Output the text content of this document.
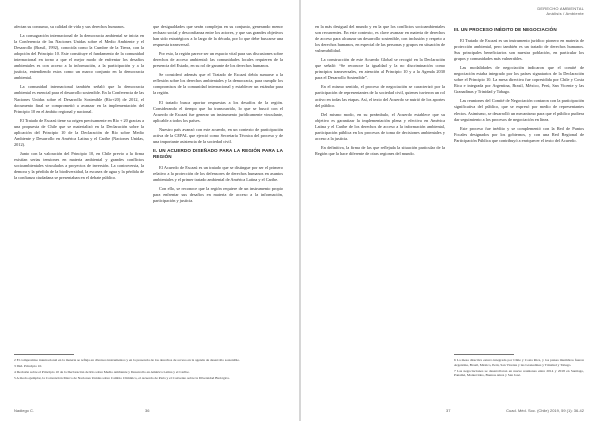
afectan su consumo, su calidad de vida y sus derechos humanos.

La consagración internacional de la democracia ambiental se inicia en la Conferencia de las Naciones Unidas sobre el Medio Ambiente y el Desarrollo (Brasil, 1992), conocida como la Cumbre de la Tierra, con la adopción del Principio 10. Este constituye el fundamento de la comunidad internacional en torno a que el mejor modo de enfrentar los desafíos ambientales es con acceso a la información, a la participación y a la justicia, entendiendo estos como un marco conjunto en la democracia ambiental.

La comunidad internacional también señaló que la democracia ambiental es esencial para el desarrollo sostenible. En la Conferencia de las Naciones Unidas sobre el Desarrollo Sostenible (Río+20) de 2012, el documento final se comprometió a avanzar en la implementación del Principio 10 en el ámbito regional y nacional.

El Tratado de Escazú tiene su origen precisamente en Río + 20 gracias a una propuesta de Chile que se materializó en la Declaración sobre la aplicación del Principio 10 de la Declaración de Río sobre Medio Ambiente y Desarrollo en América Latina y el Caribe (Naciones Unidas, 2012).

Junto con la valoración del Principio 10, en Chile previo a la firma existían serias tensiones en materia ambiental y grandes conflictos socioambientales vinculados a proyectos de inversión. La controversia, la demora y la pérdida de la biodiversidad, la escasez de agua y la pérdida de la confianza ciudadana se presentaban en el debate público.

que desigualdades que serán complejas en su conjunto, generando menor rechazo social y desconfianza entre los actores, y que sus grandes objetivos han sido estratégicos a lo largo de la década, por lo que debe buscarse una respuesta transversal.

Por esto, la región parece ser un espacio vital para sus discusiones sobre derechos de acceso ambiental: las comunidades locales requieren de la presencia del Estado, en su rol de garante de los derechos humanos.

Se consideró además que el Tratado de Escazú debía sumarse a la reflexión sobre los derechos ambientales y la democracia, para cumplir los compromisos de la comunidad internacional y establecer un estándar para la región.

El tratado busca aportar respuestas a los desafíos de la región. Considerando el tiempo que ha transcurrido, lo que se buscó con el Acuerdo de Escazú fue generar un instrumento jurídicamente vinculante, aplicable a todos los países.

Nuestro país avanzó con este acuerdo, en un contexto de participación activa de la CEPAL que ejerció como Secretaría Técnica del proceso y de una importante asistencia de la sociedad civil.

II. UN ACUERDO DISEÑADO PARA LA REGIÓN PARA LA REGIÓN

El Acuerdo de Escazú es un tratado que se distingue por ser el primero relativo a la protección de los defensores de derechos humanos en asuntos ambientales y el primer tratado ambiental de América Latina y el Caribe.

Con ello, se reconoce que la región requiere de un instrumento propio para enfrentar sus desafíos en materia de acceso a la información, participación y justicia.

2 El compromiso internacional en la materia se refleja en diversos instrumentos y en la presencia de los derechos de acceso en la agenda de desarrollo sostenible.

3 Ibid. Principio 10.

4 Decisión sobre el Principio 10 de la Declaración de Río sobre Medio Ambiente y Desarrollo en América Latina y el Caribe.

5 A modo ejemplar, la Convención Marco de Naciones Unidas sobre Cambio Climático, el Acuerdo de París y el Convenio sobre la Diversidad Biológica.

Nadiego C.	36
DERECHO AMBIENTAL
Análisis / Ambiente

en la más desigual del mundo y en la que los conflictos socioambientales son recurrentes. En este contexto, es clave avanzar en materia de derechos de acceso para alcanzar un desarrollo sostenible, con inclusión y respeto a los derechos humanos, en especial de las personas y grupos en situación de vulnerabilidad.

La construcción de este Acuerdo Global se recogió en la Declaración que señaló: “Se reconoce la igualdad y la no discriminación como principios transversales, en atención al Principio 10 y a la Agenda 2030 para el Desarrollo Sostenible”.

En el mismo sentido, el proceso de negociación se caracterizó por la participación de representantes de la sociedad civil, quienes tuvieron un rol activo en todas las etapas. Así, el texto del Acuerdo se nutrió de los aportes del público.

Del mismo modo, en su preámbulo, el Acuerdo establece que su objetivo es garantizar la implementación plena y efectiva en América Latina y el Caribe de los derechos de acceso a la información ambiental, participación pública en los procesos de toma de decisiones ambientales y acceso a la justicia.

En definitiva, la firma de las que reflejada la situación particular de la Región que la hace diferente de otras regiones del mundo.

III. UN PROCESO INÉDITO DE NEGOCIACIÓN

El Tratado de Escazú es un instrumento jurídico pionero en materia de protección ambiental, pero también es un tratado de derechos humanos. Sus principales beneficiarios son nuestra población, en particular los grupos y comunidades más vulnerables.

Las modalidades de negociación indicaron que el comité de negociación estaba integrado por los países signatarios de la Declaración sobre el Principio 10. La mesa directiva fue copresidida por Chile y Costa Rica e integrada por Argentina, Brasil, México, Perú, San Vicente y las Granadinas y Trinidad y Tabago.

Las reuniones del Comité de Negociación contaron con la participación significativa del público, que se expresó por medio de representantes electos. Asimismo, se desarrolló un mecanismo para que el público pudiera dar seguimiento a los procesos de negociación en línea.

Este proceso fue inédito y se complementó con la Red de Puntos Focales designados por los gobiernos, y con una Red Regional de Participación Pública que contribuyó a enriquecer el texto del Acuerdo.

6 La mesa directiva estuvo integrada por Chile y Costa Rica, y los países miembros fueron Argentina, Brasil, México, Perú, San Vicente y las Granadinas y Trinidad y Tabago.

7 Las negociaciones se desarrollaron en nueve reuniones entre 2014 y 2018 en Santiago, Panamá, Montevideo, Buenos Aires y San José.

37	Cuad. Méd. Soc. (Chile) 2019, 59 (1): 36-42
